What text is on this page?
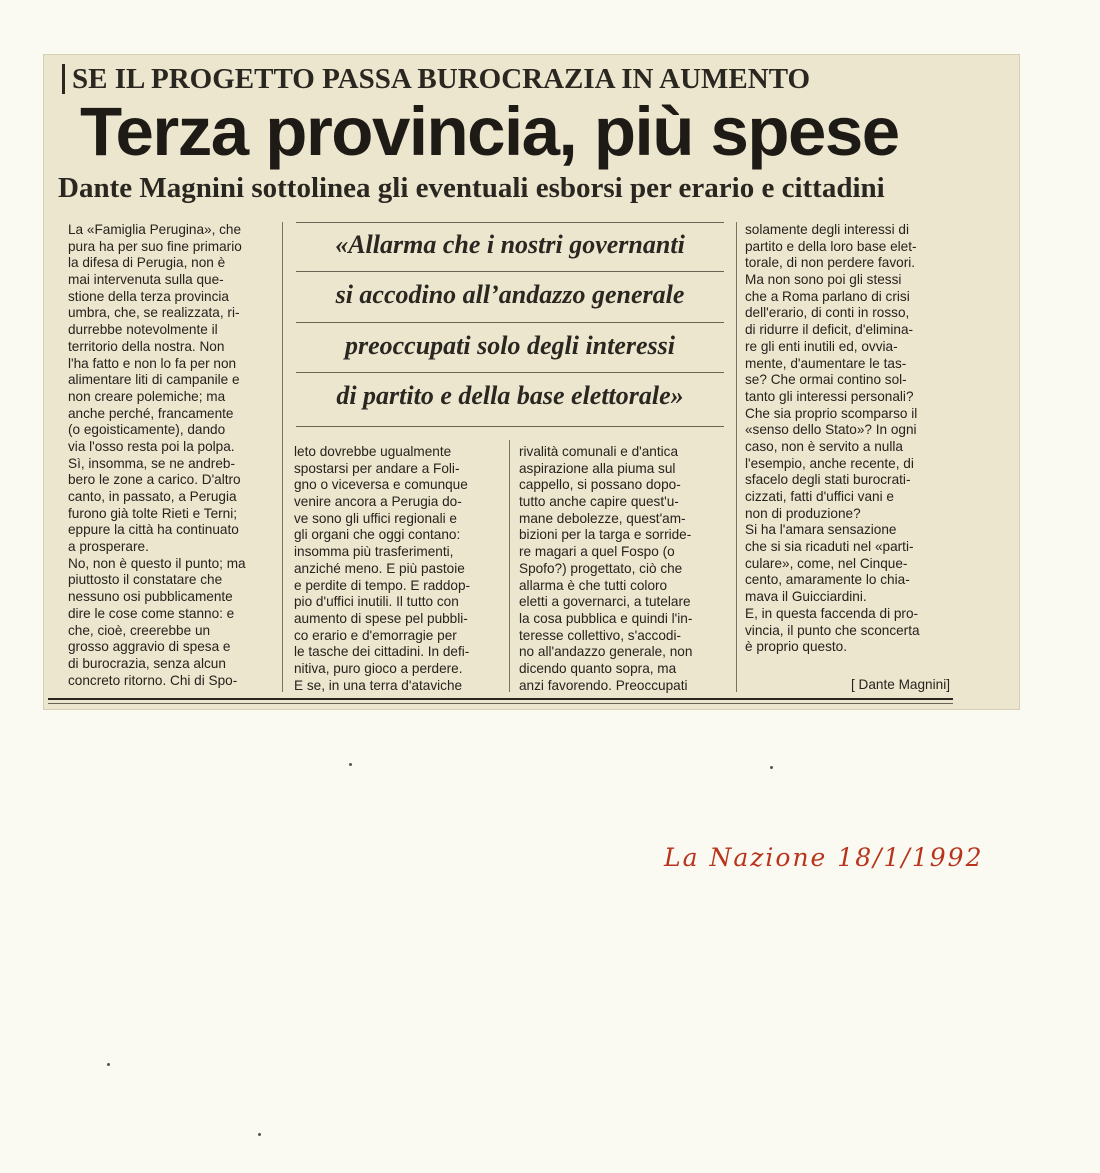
SE IL PROGETTO PASSA BUROCRAZIA IN AUMENTO
Terza provincia, più spese
Dante Magnini sottolinea gli eventuali esborsi per erario e cittadini
La «Famiglia Perugina», che
pura ha per suo fine primario
la difesa di Perugia, non è
mai intervenuta sulla que-
stione della terza provincia
umbra, che, se realizzata, ri-
durrebbe notevolmente il
territorio della nostra. Non
l'ha fatto e non lo fa per non
alimentare liti di campanile e
non creare polemiche; ma
anche perché, francamente
(o egoisticamente), dando
via l'osso resta poi la polpa.
Sì, insomma, se ne andreb-
bero le zone a carico. D'altro
canto, in passato, a Perugia
furono già tolte Rieti e Terni;
eppure la città ha continuato
a prosperare.
No, non è questo il punto; ma
piuttosto il constatare che
nessuno osi pubblicamente
dire le cose come stanno: e
che, cioè, creerebbe un
grosso aggravio di spesa e
di burocrazia, senza alcun
concreto ritorno. Chi di Spo-
leto dovrebbe ugualmente
spostarsi per andare a Foli-
gno o viceversa e comunque
venire ancora a Perugia do-
ve sono gli uffici regionali e
gli organi che oggi contano:
insomma più trasferimenti,
anziché meno. E più pastoie
e perdite di tempo. E raddop-
pio d'uffici inutili. Il tutto con
aumento di spese pel pubbli-
co erario e d'emorragie per
le tasche dei cittadini. In defi-
nitiva, puro gioco a perdere.
E se, in una terra d'ataviche
rivalità comunali e d'antica
aspirazione alla piuma sul
cappello, si possano dopo-
tutto anche capire quest'u-
mane debolezze, quest'am-
bizioni per la targa e sorride-
re magari a quel Fospo (o
Spofo?) progettato, ciò che
allarma è che tutti coloro
eletti a governarci, a tutelare
la cosa pubblica e quindi l'in-
teresse collettivo, s'accodi-
no all'andazzo generale, non
dicendo quanto sopra, ma
anzi favorendo. Preoccupati
solamente degli interessi di
partito e della loro base elet-
torale, di non perdere favori.
Ma non sono poi gli stessi
che a Roma parlano di crisi
dell'erario, di conti in rosso,
di ridurre il deficit, d'elimina-
re gli enti inutili ed, ovvia-
mente, d'aumentare le tas-
se? Che ormai contino sol-
tanto gli interessi personali?
Che sia proprio scomparso il
«senso dello Stato»? In ogni
caso, non è servito a nulla
l'esempio, anche recente, di
sfacelo degli stati burocrati-
cizzati, fatti d'uffici vani e
non di produzione?
Si ha l'amara sensazione
che si sia ricaduti nel «parti-
culare», come, nel Cinque-
cento, amaramente lo chia-
mava il Guicciardini.
E, in questa faccenda di pro-
vincia, il punto che sconcerta
è proprio questo.
«Allarma che i nostri governanti
si accodino all’andazzo generale
preoccupati solo degli interessi
di partito e della base elettorale»

[ Dante Magnini]

La Nazione 18/1/1992
